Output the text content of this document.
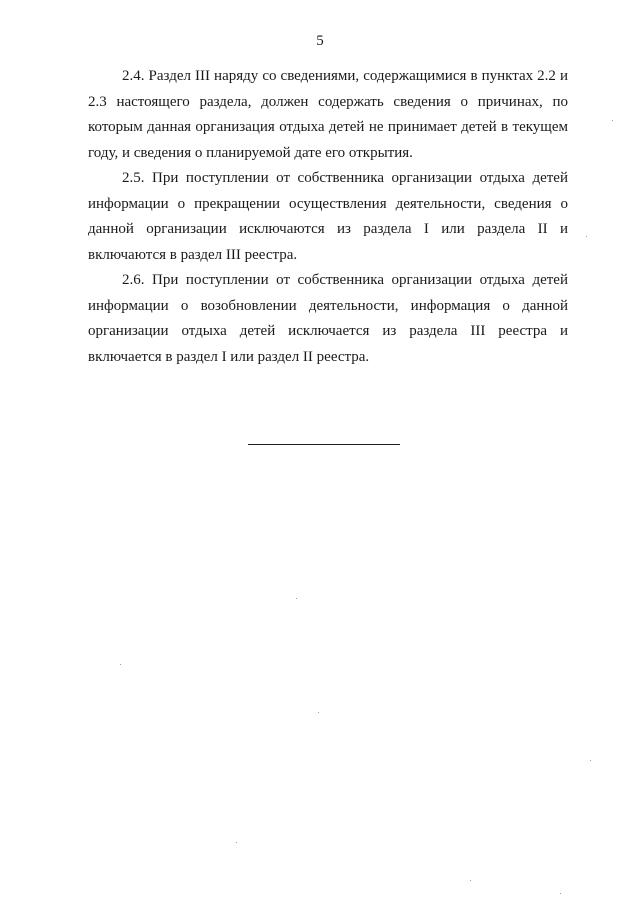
5

2.4. Раздел III наряду со сведениями, содержащимися в пунктах 2.2 и 2.3 настоящего раздела, должен содержать сведения о причинах, по которым данная организация отдыха детей не принимает детей в текущем году, и сведения о планируемой дате его открытия.

2.5. При поступлении от собственника организации отдыха детей информации о прекращении осуществления деятельности, сведения о данной организации исключаются из раздела I или раздела II и включаются в раздел III реестра.

2.6. При поступлении от собственника организации отдыха детей информации о возобновлении деятельности, информация о данной организации отдыха детей исключается из раздела III реестра и включается в раздел I или раздел II реестра.
